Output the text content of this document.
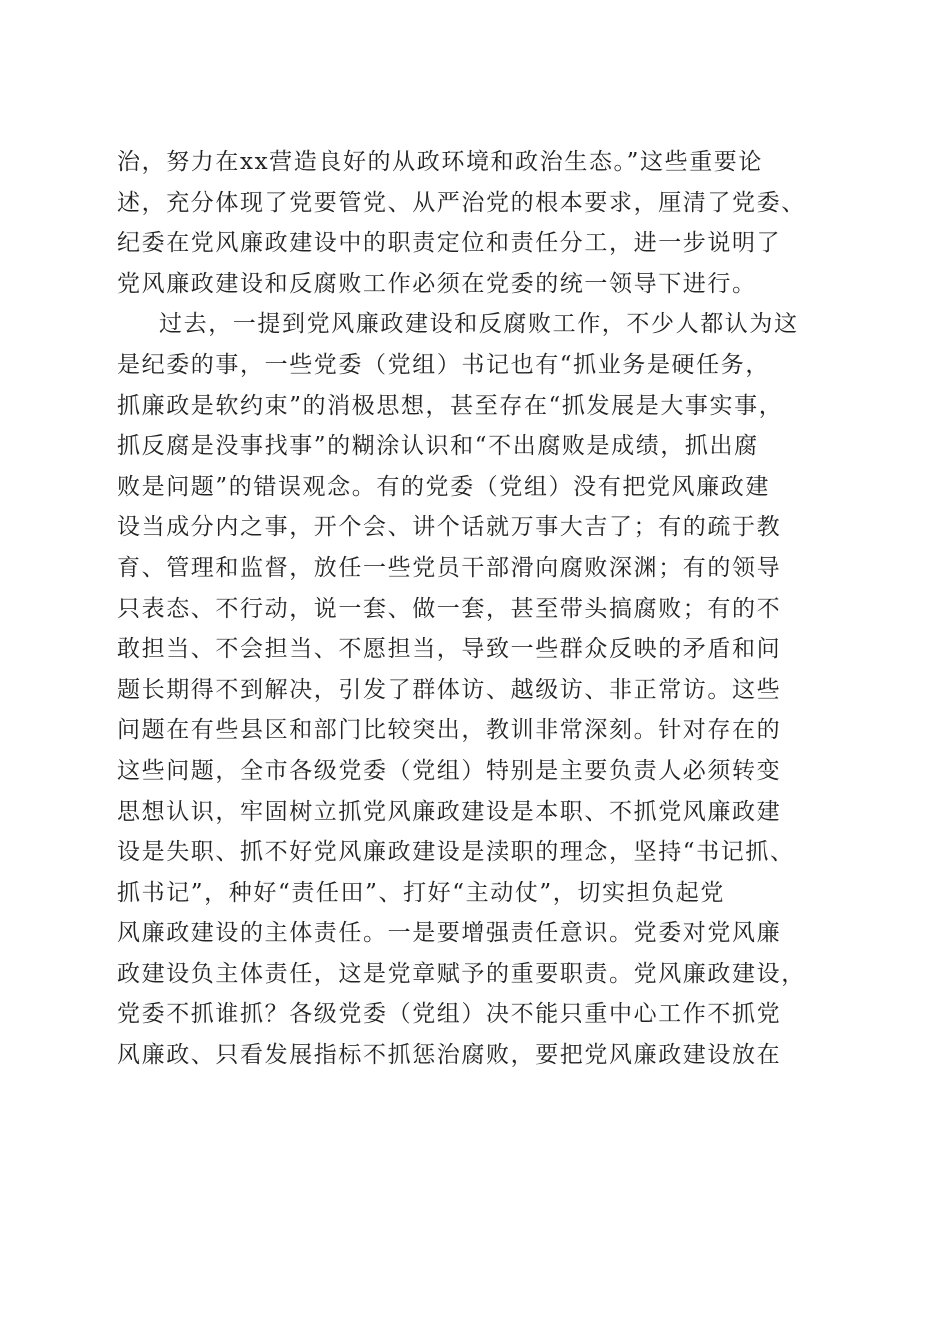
治，努力在xx营造良好的从政环境和政治生态。”这些重要论
述，充分体现了党要管党、从严治党的根本要求，厘清了党委、
纪委在党风廉政建设中的职责定位和责任分工，进一步说明了
党风廉政建设和反腐败工作必须在党委的统一领导下进行。
过去，一提到党风廉政建设和反腐败工作，不少人都认为这
是纪委的事，一些党委（党组）书记也有“抓业务是硬任务，
抓廉政是软约束”的消极思想，甚至存在“抓发展是大事实事，
抓反腐是没事找事”的糊涂认识和“不出腐败是成绩，抓出腐
败是问题”的错误观念。有的党委（党组）没有把党风廉政建
设当成分内之事，开个会、讲个话就万事大吉了；有的疏于教
育、管理和监督，放任一些党员干部滑向腐败深渊；有的领导
只表态、不行动，说一套、做一套，甚至带头搞腐败；有的不
敢担当、不会担当、不愿担当，导致一些群众反映的矛盾和问
题长期得不到解决，引发了群体访、越级访、非正常访。这些
问题在有些县区和部门比较突出，教训非常深刻。针对存在的
这些问题，全市各级党委（党组）特别是主要负责人必须转变
思想认识，牢固树立抓党风廉政建设是本职、不抓党风廉政建
设是失职、抓不好党风廉政建设是渎职的理念，坚持“书记抓、
抓书记”，种好“责任田”、打好“主动仗”，切实担负起党
风廉政建设的主体责任。一是要增强责任意识。党委对党风廉
政建设负主体责任，这是党章赋予的重要职责。党风廉政建设，
党委不抓谁抓？各级党委（党组）决不能只重中心工作不抓党
风廉政、只看发展指标不抓惩治腐败，要把党风廉政建设放在
